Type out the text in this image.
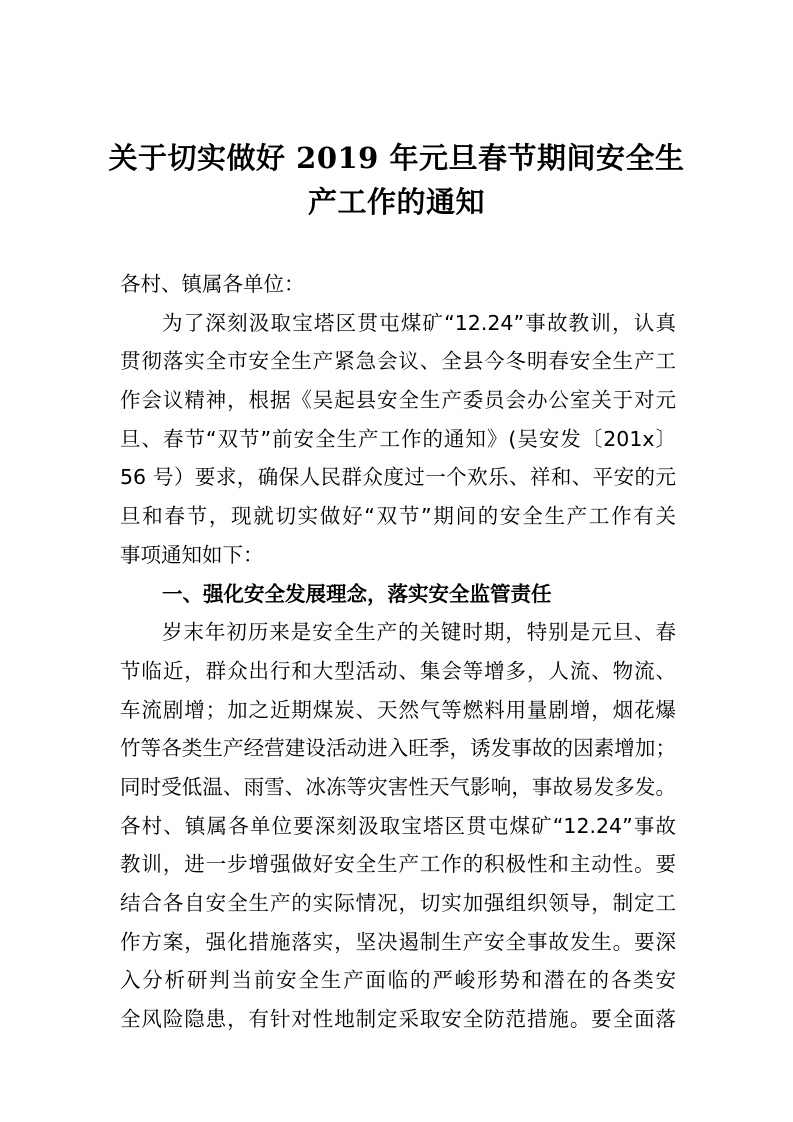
关于切实做好 2019 年元旦春节期间安全生
产工作的通知
各村、镇属各单位：
为了深刻汲取宝塔区贯屯煤矿“12.24”事故教训，认真
贯彻落实全市安全生产紧急会议、全县今冬明春安全生产工
作会议精神，根据《吴起县安全生产委员会办公室关于对元
旦、春节“双节”前安全生产工作的通知》(吴安发〔201x〕
56 号）要求，确保人民群众度过一个欢乐、祥和、平安的元
旦和春节，现就切实做好“双节”期间的安全生产工作有关
事项通知如下：
一、强化安全发展理念，落实安全监管责任
岁末年初历来是安全生产的关键时期，特别是元旦、春
节临近，群众出行和大型活动、集会等增多，人流、物流、
车流剧增；加之近期煤炭、天然气等燃料用量剧增，烟花爆
竹等各类生产经营建设活动进入旺季，诱发事故的因素增加；
同时受低温、雨雪、冰冻等灾害性天气影响，事故易发多发。
各村、镇属各单位要深刻汲取宝塔区贯屯煤矿“12.24”事故
教训，进一步增强做好安全生产工作的积极性和主动性。要
结合各自安全生产的实际情况，切实加强组织领导，制定工
作方案，强化措施落实，坚决遏制生产安全事故发生。要深
入分析研判当前安全生产面临的严峻形势和潜在的各类安
全风险隐患，有针对性地制定采取安全防范措施。要全面落
